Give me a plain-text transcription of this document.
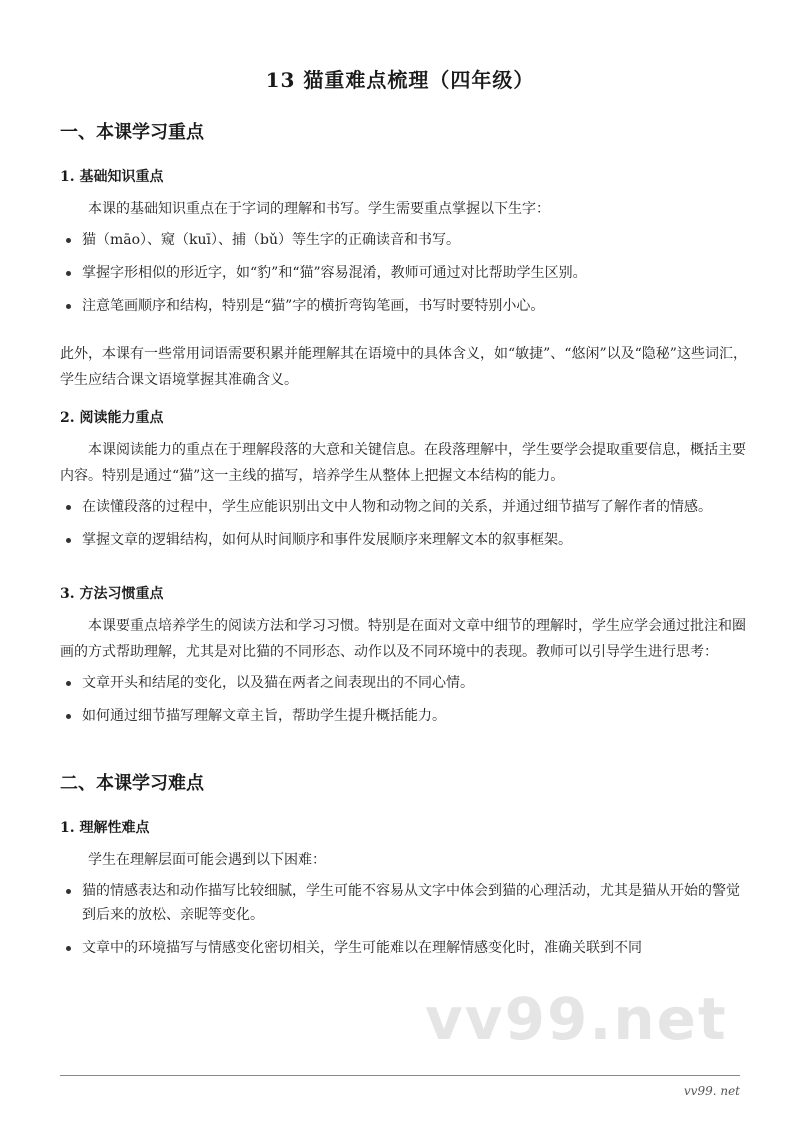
13 猫重难点梳理（四年级）
一、本课学习重点
1. 基础知识重点

本课的基础知识重点在于字词的理解和书写。学生需要重点掌握以下生字：

猫（māo）、窥（kuī）、捕（bǔ）等生字的正确读音和书写。
掌握字形相似的形近字，如“豹”和“猫”容易混淆，教师可通过对比帮助学生区别。
注意笔画顺序和结构，特别是“猫”字的横折弯钩笔画，书写时要特别小心。

此外，本课有一些常用词语需要积累并能理解其在语境中的具体含义，如“敏捷”、“悠闲”以及“隐秘”这些词汇，学生应结合课文语境掌握其准确含义。

2. 阅读能力重点

本课阅读能力的重点在于理解段落的大意和关键信息。在段落理解中，学生要学会提取重要信息，概括主要内容。特别是通过“猫”这一主线的描写，培养学生从整体上把握文本结构的能力。

在读懂段落的过程中，学生应能识别出文中人物和动物之间的关系，并通过细节描写了解作者的情感。
掌握文章的逻辑结构，如何从时间顺序和事件发展顺序来理解文本的叙事框架。
3. 方法习惯重点

本课要重点培养学生的阅读方法和学习习惯。特别是在面对文章中细节的理解时，学生应学会通过批注和圈画的方式帮助理解，尤其是对比猫的不同形态、动作以及不同环境中的表现。教师可以引导学生进行思考：

文章开头和结尾的变化，以及猫在两者之间表现出的不同心情。
如何通过细节描写理解文章主旨，帮助学生提升概括能力。
二、本课学习难点
1. 理解性难点

学生在理解层面可能会遇到以下困难：

猫的情感表达和动作描写比较细腻，学生可能不容易从文字中体会到猫的心理活动，尤其是猫从开始的警觉到后来的放松、亲昵等变化。
文章中的环境描写与情感变化密切相关，学生可能难以在理解情感变化时，准确关联到不同
vv99.net
vv99. net
